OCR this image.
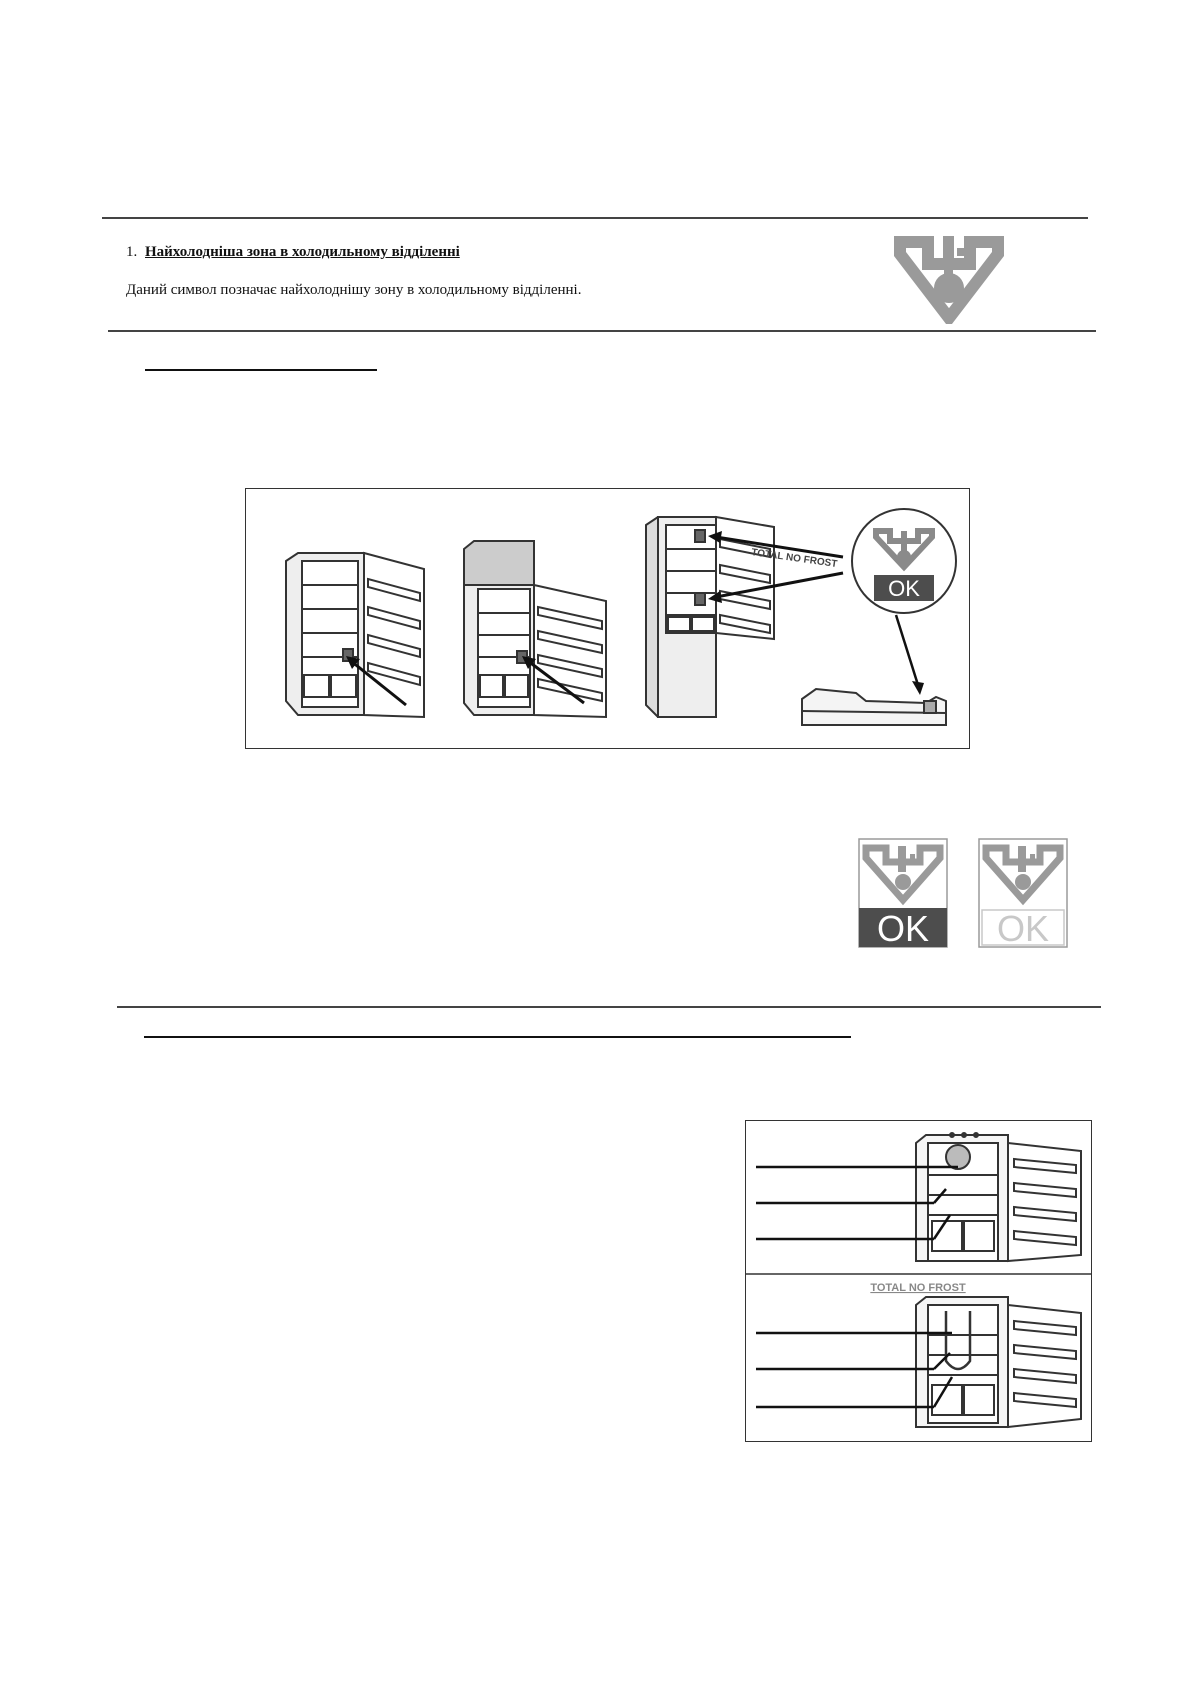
1. Найхолодніша зона в холодильному відділенні
Даний символ позначає найхолоднішу зону в холодильному відділенні.
TOTAL NO FROST
OK
OK OK
TOTAL NO FROST
